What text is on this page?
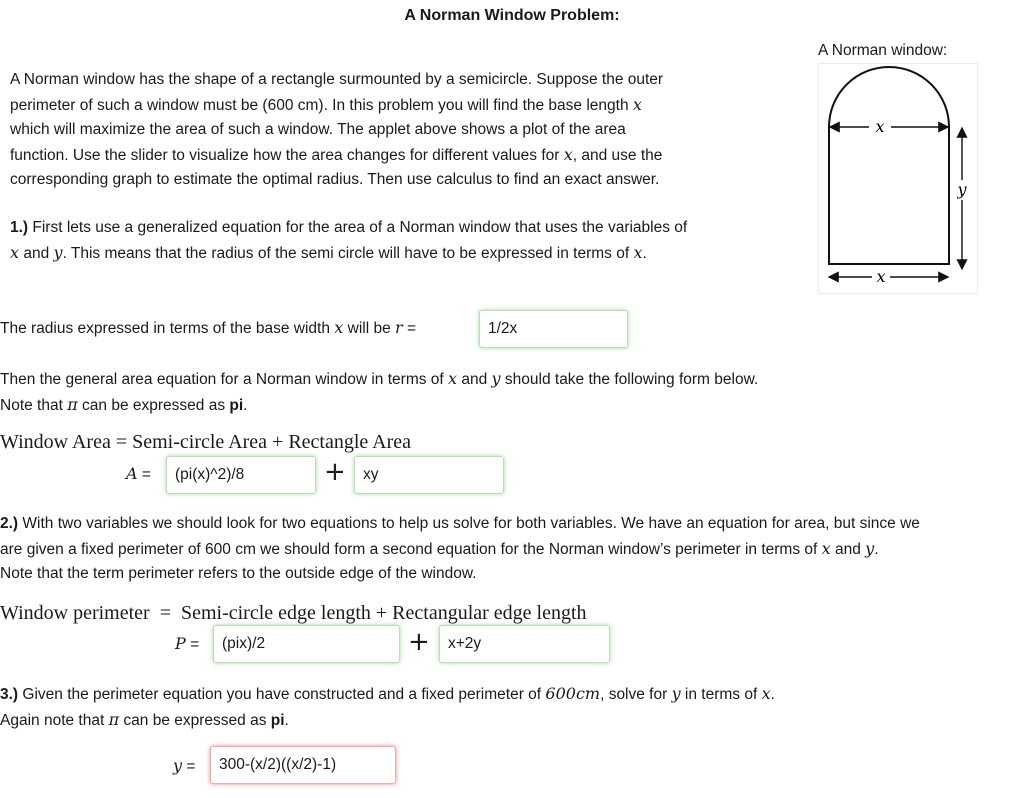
A Norman Window Problem:
A Norman window:
x
y
x
A Norman window has the shape of a rectangle surmounted by a semicircle. Suppose the outer
perimeter of such a window must be (600 cm). In this problem you will find the base length x
which will maximize the area of such a window. The applet above shows a plot of the area
function. Use the slider to visualize how the area changes for different values for x, and use the
corresponding graph to estimate the optimal radius. Then use calculus to find an exact answer.
1.) First lets use a generalized equation for the area of a Norman window that uses the variables of
x and y. This means that the radius of the semi circle will have to be expressed in terms of x.
The radius expressed in terms of the base width x will be r =	1/2x
Then the general area equation for a Norman window in terms of x and y should take the following form below.
Note that π can be expressed as pi.
Window Area = Semi-circle Area + Rectangle Area
A =	(pi(x)^2)/8	+	xy
2.) With two variables we should look for two equations to help us solve for both variables. We have an equation for area, but since we
are given a fixed perimeter of 600 cm we should form a second equation for the Norman window’s perimeter in terms of x and y.
Note that the term perimeter refers to the outside edge of the window.
Window perimeter  =  Semi-circle edge length + Rectangular edge length
P =	(pix)/2	+	x+2y
3.) Given the perimeter equation you have constructed and a fixed perimeter of 600cm, solve for y in terms of x.
Again note that π can be expressed as pi.
y =	300-(x/2)((x/2)-1)
